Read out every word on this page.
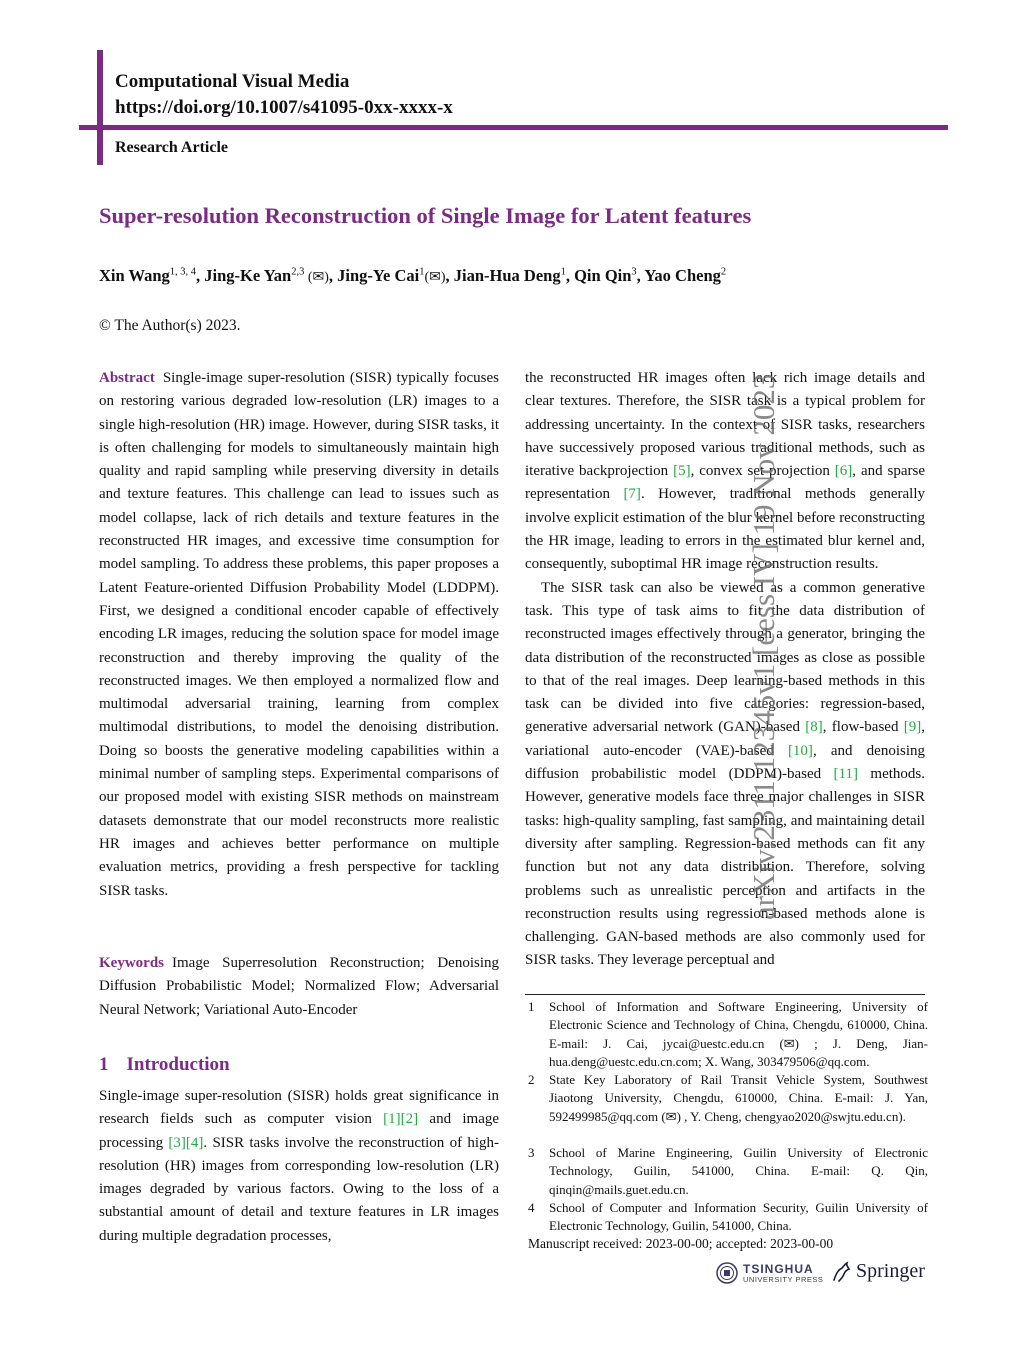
Computational Visual Media
https://doi.org/10.1007/s41095-0xx-xxxx-x
Research Article
Super-resolution Reconstruction of Single Image for Latent features
Xin Wang$^{1, 3, 4}$, Jing-Ke Yan$^{2,3}$ (✉), Jing-Ye Cai$^1$(✉), Jian-Hua Deng$^1$, Qin Qin$^3$, Yao Cheng$^2$
© The Author(s) 2023.

Abstract Single-image super-resolution (SISR) typically focuses on restoring various degraded low-resolution (LR) images to a single high-resolution (HR) image. However, during SISR tasks, it is often challenging for models to simultaneously maintain high quality and rapid sampling while preserving diversity in details and texture features. This challenge can lead to issues such as model collapse, lack of rich details and texture features in the reconstructed HR images, and excessive time consumption for model sampling. To address these problems, this paper proposes a Latent Feature-oriented Diffusion Probability Model (LDDPM). First, we designed a conditional encoder capable of effectively encoding LR images, reducing the solution space for model image reconstruction and thereby improving the quality of the reconstructed images. We then employed a normalized flow and multimodal adversarial training, learning from complex multimodal distributions, to model the denoising distribution. Doing so boosts the generative modeling capabilities within a minimal number of sampling steps. Experimental comparisons of our proposed model with existing SISR methods on mainstream datasets demonstrate that our model reconstructs more realistic HR images and achieves better performance on multiple evaluation metrics, providing a fresh perspective for tackling SISR tasks.

Keywords Image Superresolution Reconstruction; Denoising Diffusion Probabilistic Model; Normalized Flow; Adversarial Neural Network; Variational Auto-Encoder

1 Introduction

Single-image super-resolution (SISR) holds great significance in research fields such as computer vision [1][2] and image processing [3][4]. SISR tasks involve the reconstruction of high-resolution (HR) images from corresponding low-resolution (LR) images degraded by various factors. Owing to the loss of a substantial amount of detail and texture features in LR images during multiple degradation processes,

the reconstructed HR images often lack rich image details and clear textures. Therefore, the SISR task is a typical problem for addressing uncertainty. In the context of SISR tasks, researchers have successively proposed various traditional methods, such as iterative backprojection [5], convex set projection [6], and sparse representation [7]. However, traditional methods generally involve explicit estimation of the blur kernel before reconstructing the HR image, leading to errors in the estimated blur kernel and, consequently, suboptimal HR image reconstruction results.

The SISR task can also be viewed as a common generative task. This type of task aims to fit the data distribution of reconstructed images effectively through a generator, bringing the data distribution of the reconstructed images as close as possible to that of the real images. Deep learning-based methods in this task can be divided into five categories: regression-based, generative adversarial network (GAN)-based [8], flow-based [9], variational auto-encoder (VAE)-based [10], and denoising diffusion probabilistic model (DDPM)-based [11] methods. However, generative models face three major challenges in SISR tasks: high-quality sampling, fast sampling, and maintaining detail diversity after sampling. Regression-based methods can fit any function but not any data distribution. Therefore, solving problems such as unrealistic perception and artifacts in the reconstruction results using regression-based methods alone is challenging. GAN-based methods are also commonly used for SISR tasks. They leverage perceptual and

1 School of Information and Software Engineering, University of Electronic Science and Technology of China, Chengdu, 610000, China. E-mail: J. Cai, jycai@uestc.edu.cn (✉) ; J. Deng, Jian-hua.deng@uestc.edu.cn.com; X. Wang, 303479506@qq.com.
2 State Key Laboratory of Rail Transit Vehicle System, Southwest Jiaotong University, Chengdu, 610000, China. E-mail: J. Yan, 592499985@qq.com (✉) , Y. Cheng, chengyao2020@swjtu.edu.cn).
3 School of Marine Engineering, Guilin University of Electronic Technology, Guilin, 541000, China. E-mail: Q. Qin, qinqin@mails.guet.edu.cn.
4 School of Computer and Information Security, Guilin University of Electronic Technology, Guilin, 541000, China.
Manuscript received: 2023-00-00; accepted: 2023-00-00
arXiv:2311.12345v1 [eess.IV] 19 Nov 2023
TSINGHUA
UNIVERSITY PRESS Springer
